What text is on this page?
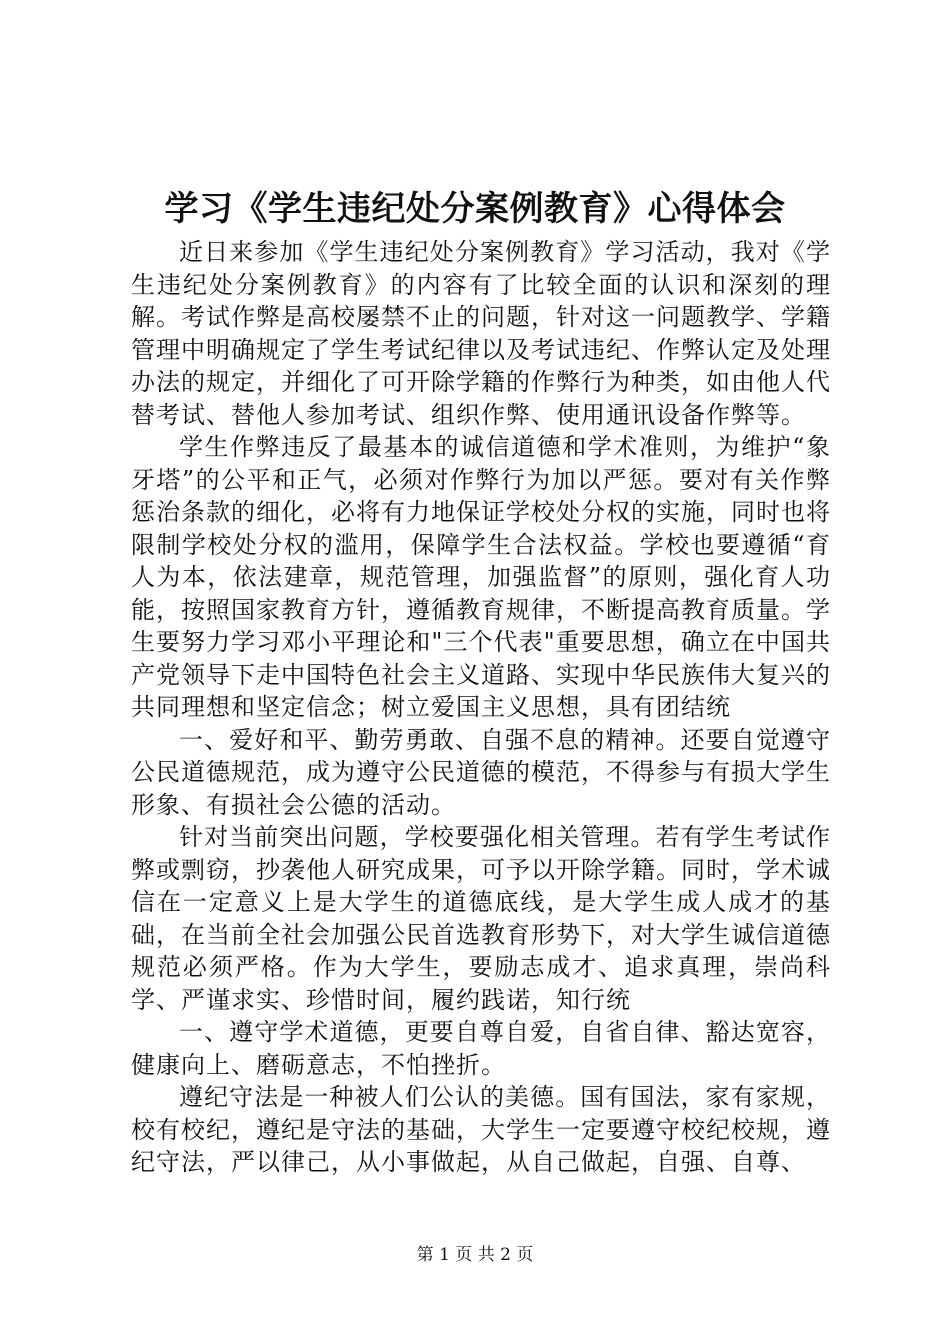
学习《学生违纪处分案例教育》心得体会

近日来参加《学生违纪处分案例教育》学习活动，我对《学生违纪处分案例教育》的内容有了比较全面的认识和深刻的理解。考试作弊是高校屡禁不止的问题，针对这一问题教学、学籍管理中明确规定了学生考试纪律以及考试违纪、作弊认定及处理办法的规定，并细化了可开除学籍的作弊行为种类，如由他人代替考试、替他人参加考试、组织作弊、使用通讯设备作弊等。

学生作弊违反了最基本的诚信道德和学术准则，为维护“象牙塔”的公平和正气，必须对作弊行为加以严惩。要对有关作弊惩治条款的细化，必将有力地保证学校处分权的实施，同时也将限制学校处分权的滥用，保障学生合法权益。学校也要遵循“育人为本，依法建章，规范管理，加强监督”的原则，强化育人功能，按照国家教育方针，遵循教育规律，不断提高教育质量。学生要努力学习邓小平理论和"三个代表"重要思想，确立在中国共产党领导下走中国特色社会主义道路、实现中华民族伟大复兴的共同理想和坚定信念；树立爱国主义思想，具有团结统

一、爱好和平、勤劳勇敢、自强不息的精神。还要自觉遵守公民道德规范，成为遵守公民道德的模范，不得参与有损大学生形象、有损社会公德的活动。

针对当前突出问题，学校要强化相关管理。若有学生考试作弊或剽窃，抄袭他人研究成果，可予以开除学籍。同时，学术诚信在一定意义上是大学生的道德底线，是大学生成人成才的基础，在当前全社会加强公民首选教育形势下，对大学生诚信道德规范必须严格。作为大学生，要励志成才、追求真理，崇尚科学、严谨求实、珍惜时间，履约践诺，知行统

一、遵守学术道德，更要自尊自爱，自省自律、豁达宽容，健康向上、磨砺意志，不怕挫折。

遵纪守法是一种被人们公认的美德。国有国法，家有家规，校有校纪，遵纪是守法的基础，大学生一定要遵守校纪校规，遵纪守法，严以律己，从小事做起，从自己做起，自强、自尊、

第 1 页 共 2 页
